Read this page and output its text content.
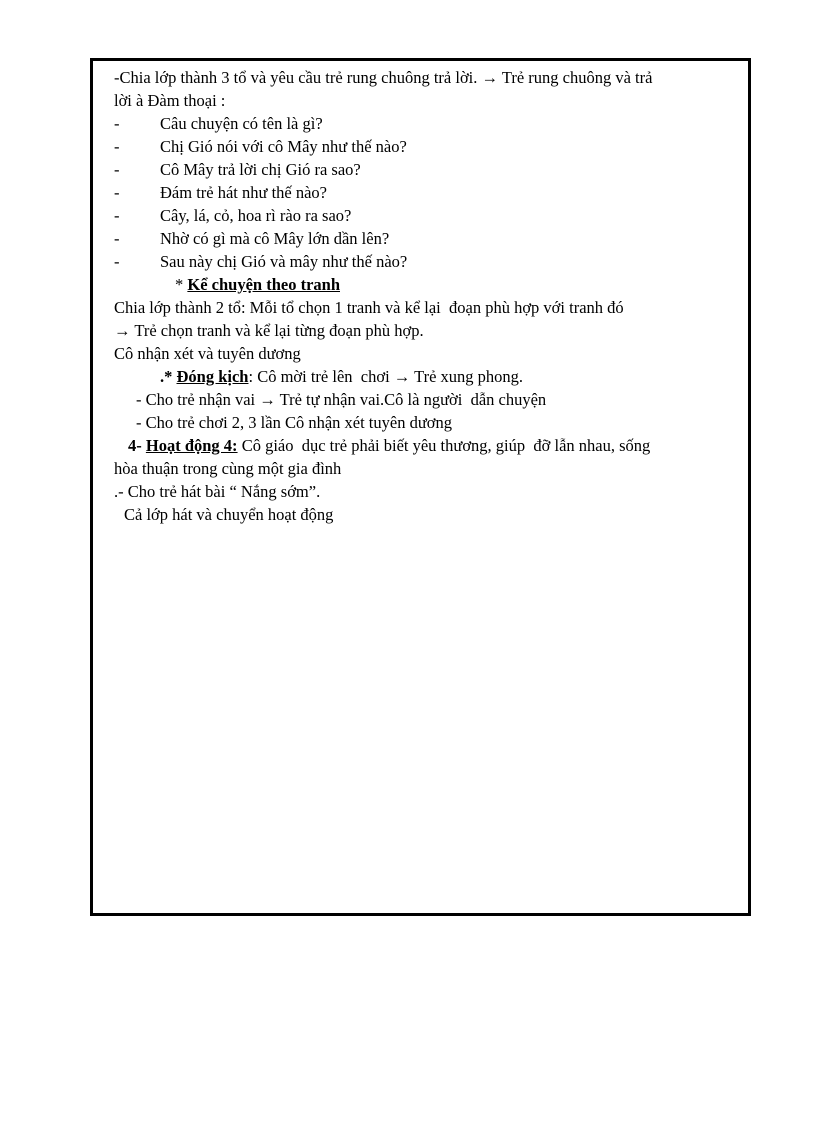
-Chia lớp thành 3 tổ và yêu cầu trẻ rung chuông trả lời. → Trẻ rung chuông và trả
lời à Đàm thoại :
-	Câu chuyện có tên là gì?
-	Chị Gió nói với cô Mây như thế nào?
-	Cô Mây trả lời chị Gió ra sao?
-	Đám trẻ hát như thế nào?
-	Cây, lá, cỏ, hoa rì rào ra sao?
-	Nhờ có gì mà cô Mây lớn dần lên?
-	Sau này chị Gió và mây như thế nào?
* Kể chuyện theo tranh
Chia lớp thành 2 tổ: Mỗi tổ chọn 1 tranh và kể lại  đoạn phù hợp với tranh đó
→ Trẻ chọn tranh và kể lại từng đoạn phù hợp.
Cô nhận xét và tuyên dương
.* Đóng kịch: Cô mời trẻ lên  chơi → Trẻ xung phong.
- Cho trẻ nhận vai → Trẻ tự nhận vai.Cô là người  dẫn chuyện
- Cho trẻ chơi 2, 3 lần Cô nhận xét tuyên dương
4- Hoạt động 4: Cô giáo  dục trẻ phải biết yêu thương, giúp  đỡ lẫn nhau, sống
hòa thuận trong cùng một gia đình
.- Cho trẻ hát bài “ Nắng sớm”.
Cả lớp hát và chuyển hoạt động
